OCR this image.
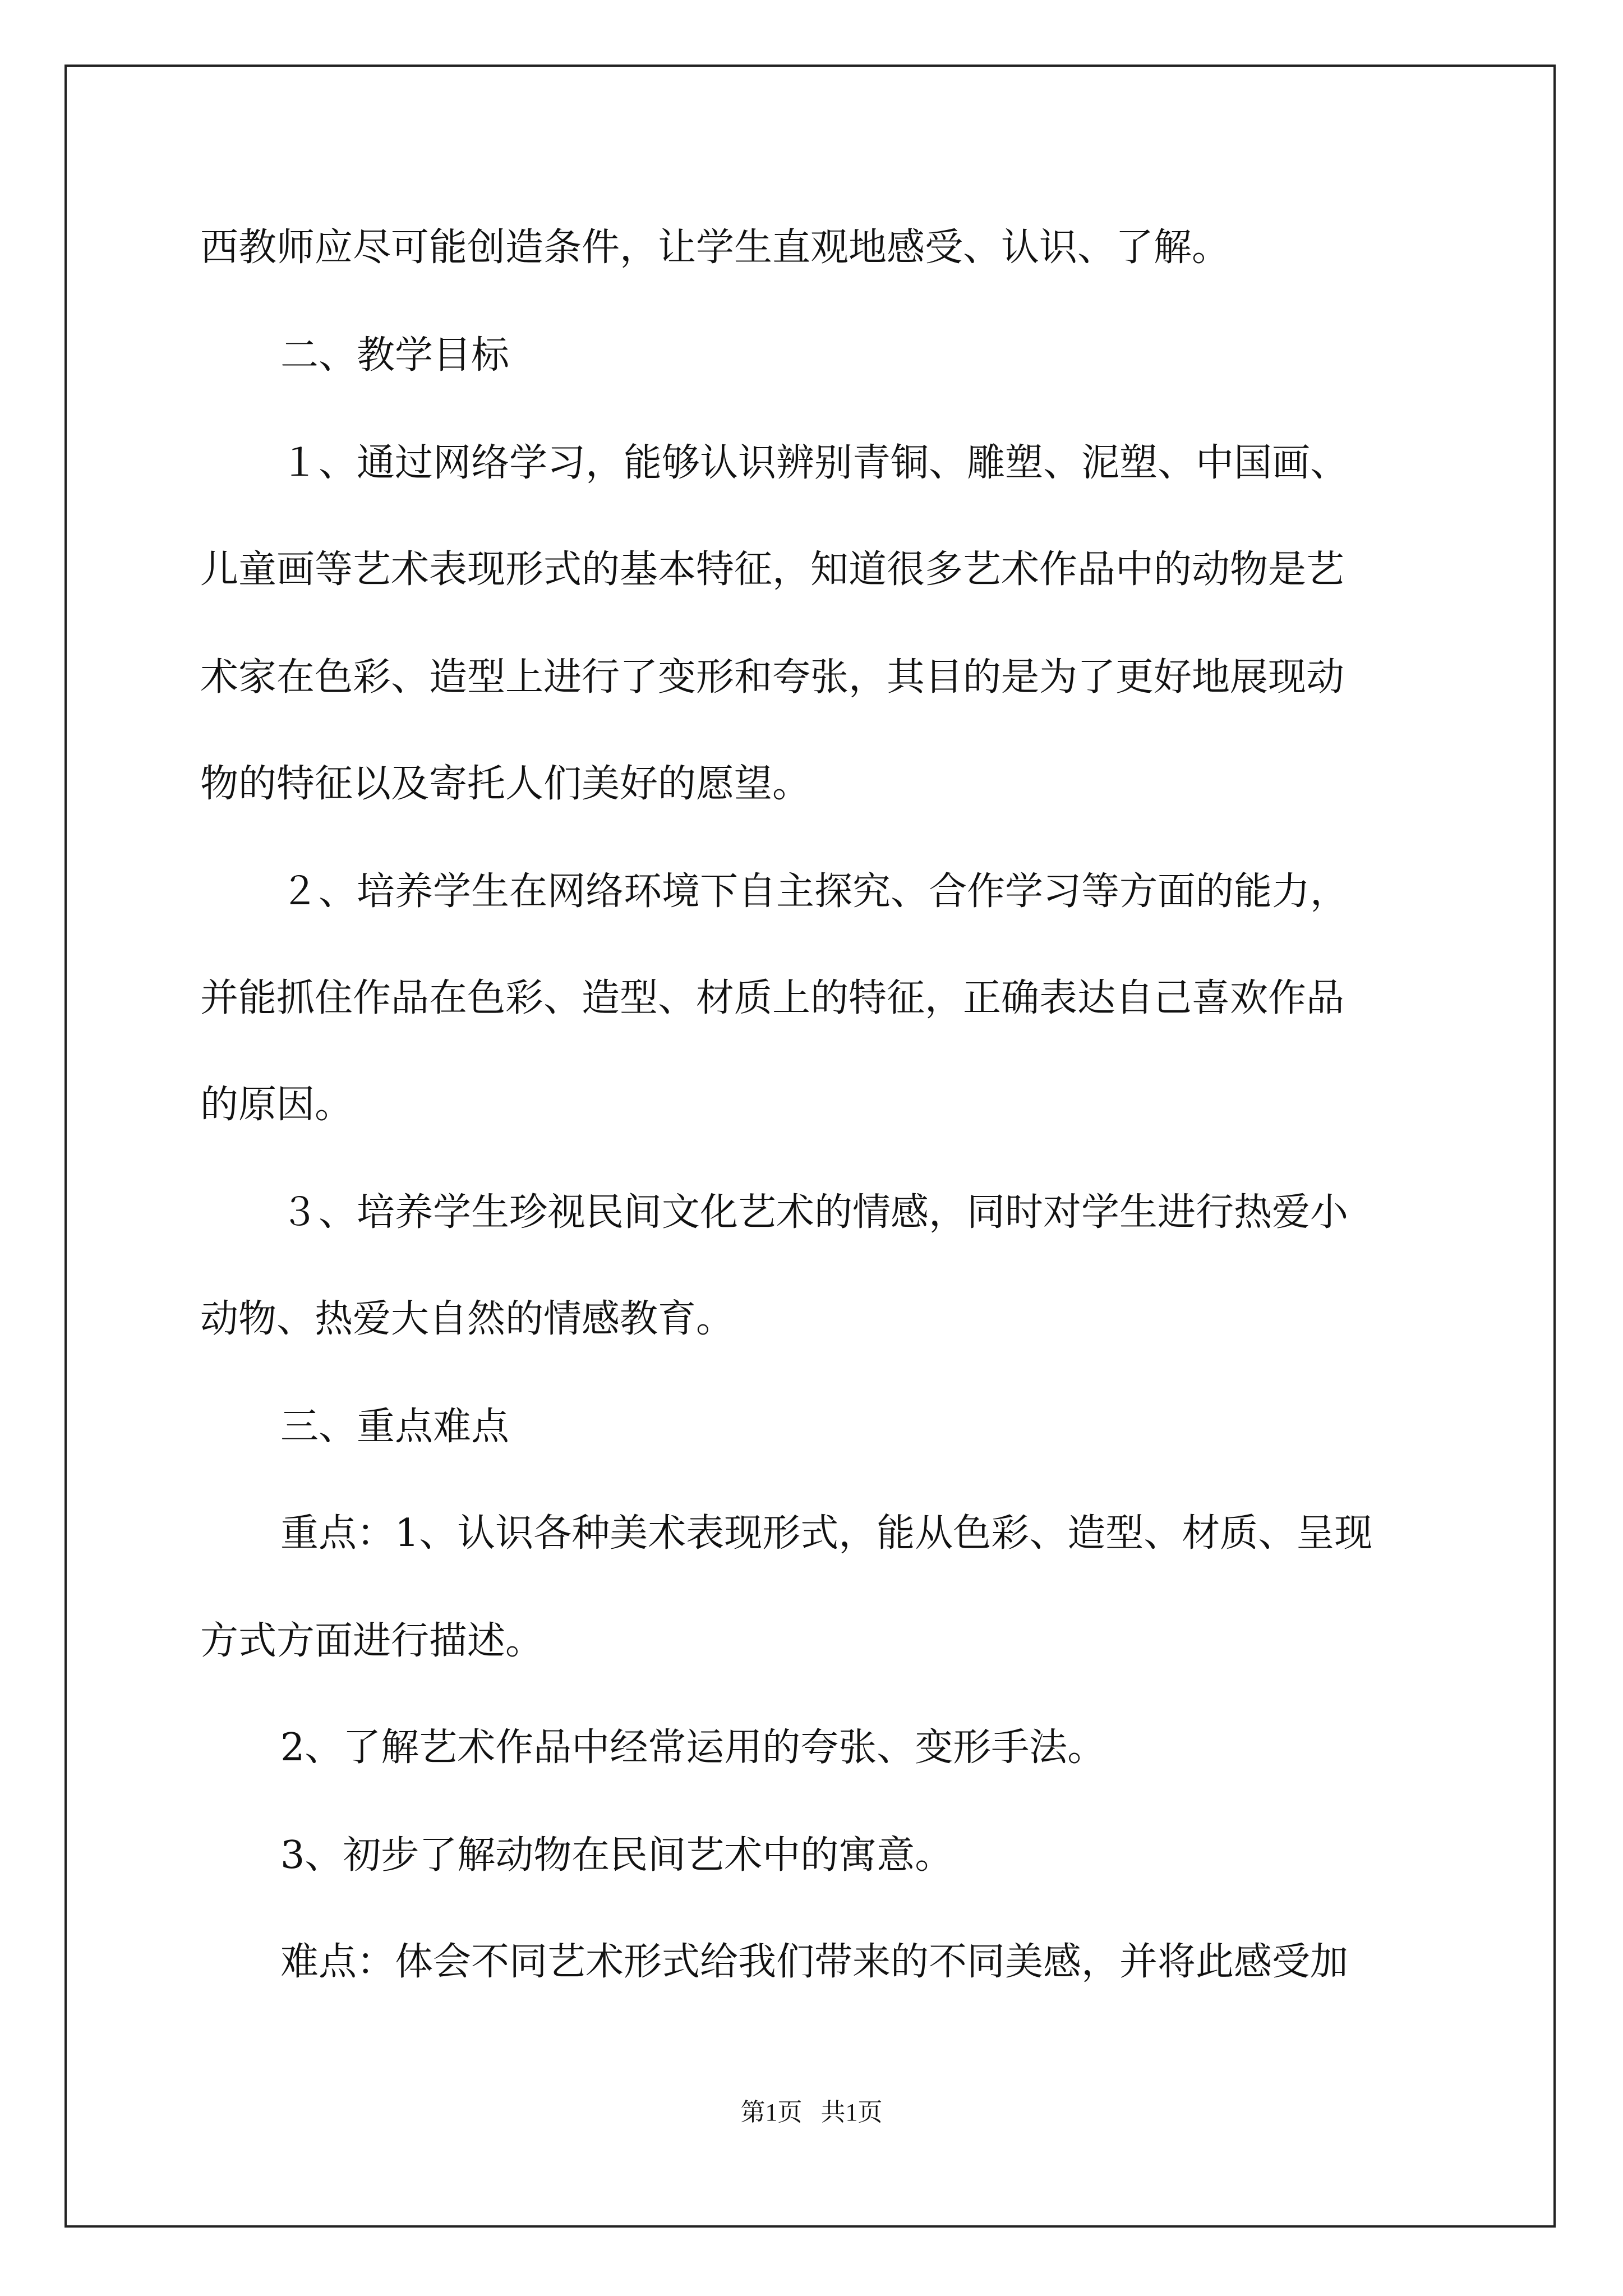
西教师应尽可能创造条件，让学生直观地感受、认识、了解。

二、教学目标

１、通过网络学习，能够认识辨别青铜、雕塑、泥塑、中国画、

儿童画等艺术表现形式的基本特征，知道很多艺术作品中的动物是艺

术家在色彩、造型上进行了变形和夸张，其目的是为了更好地展现动

物的特征以及寄托人们美好的愿望。

２、培养学生在网络环境下自主探究、合作学习等方面的能力，

并能抓住作品在色彩、造型、材质上的特征，正确表达自己喜欢作品

的原因。

３、培养学生珍视民间文化艺术的情感，同时对学生进行热爱小

动物、热爱大自然的情感教育。

三、重点难点

重点：1、认识各种美术表现形式，能从色彩、造型、材质、呈现

方式方面进行描述。

2、了解艺术作品中经常运用的夸张、变形手法。

3、初步了解动物在民间艺术中的寓意。

难点：体会不同艺术形式给我们带来的不同美感，并将此感受加

第1页   共1页
